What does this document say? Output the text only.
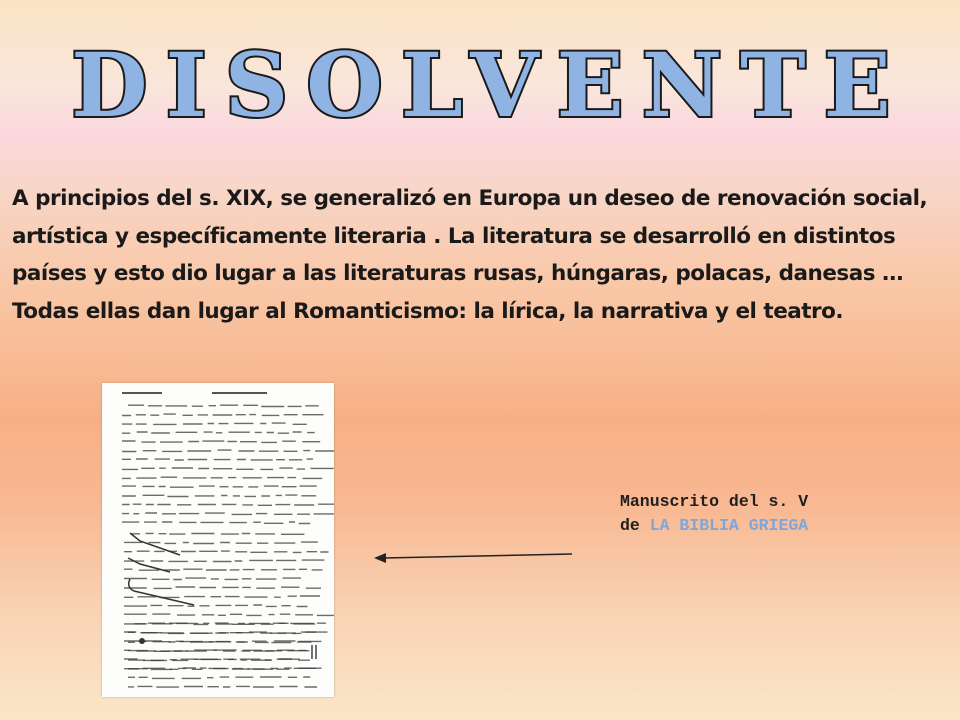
DISOLVENTE

A principios del s. XIX, se generalizó en Europa un deseo de renovación social, artística y específicamente literaria . La literatura se desarrolló en distintos países y esto dio lugar a las literaturas rusas, húngaras, polacas, danesas … Todas ellas dan lugar al Romanticismo: la lírica, la narrativa y el teatro.

Manuscrito del s. V
de LA BIBLIA GRIEGA
